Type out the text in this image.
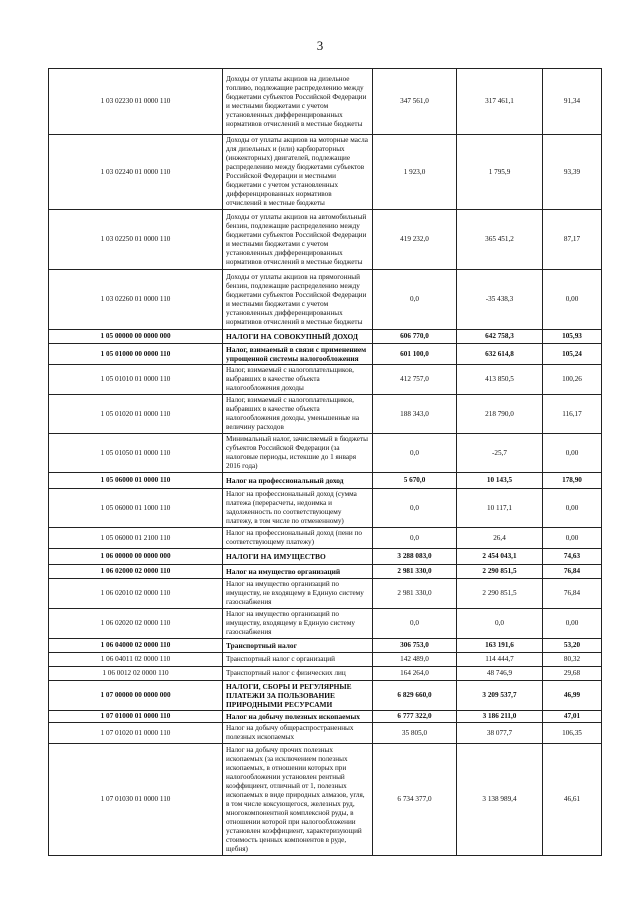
3
1 03 02230 01 0000 110	Доходы от уплаты акцизов на дизельное топливо, подлежащие распределению между бюджетами субъектов Российской Федерации и местными бюджетами с учетом установленных дифференцированных нормативов отчислений в местные бюджеты	347 561,0	317 461,1	91,34
1 03 02240 01 0000 110	Доходы от уплаты акцизов на моторные масла для дизельных и (или) карбюраторных (инжекторных) двигателей, подлежащие распределению между бюджетами субъектов Российской Федерации и местными бюджетами с учетом установленных дифференцированных нормативов отчислений в местные бюджеты	1 923,0	1 795,9	93,39
1 03 02250 01 0000 110	Доходы от уплаты акцизов на автомобильный бензин, подлежащие распределению между бюджетами субъектов Российской Федерации и местными бюджетами с учетом установленных дифференцированных нормативов отчислений в местные бюджеты	419 232,0	365 451,2	87,17
1 03 02260 01 0000 110	Доходы от уплаты акцизов на прямогонный бензин, подлежащие распределению между бюджетами субъектов Российской Федерации и местными бюджетами с учетом установленных дифференцированных нормативов отчислений в местные бюджеты	0,0	-35 438,3	0,00
1 05 00000 00 0000 000	НАЛОГИ НА СОВОКУПНЫЙ ДОХОД	606 770,0	642 758,3	105,93
1 05 01000 00 0000 110	Налог, взимаемый в связи с применением упрощенной системы налогообложения	601 100,0	632 614,8	105,24
1 05 01010 01 0000 110	Налог, взимаемый с налогоплательщиков, выбравших в качестве объекта налогообложения доходы	412 757,0	413 850,5	100,26
1 05 01020 01 0000 110	Налог, взимаемый с налогоплательщиков, выбравших в качестве объекта налогообложения доходы, уменьшенные на величину расходов	188 343,0	218 790,0	116,17
1 05 01050 01 0000 110	Минимальный налог, зачисляемый в бюджеты субъектов Российской Федерации (за налоговые периоды, истекшие до 1 января 2016 года)	0,0	-25,7	0,00
1 05 06000 01 0000 110	Налог на профессиональный доход	5 670,0	10 143,5	178,90
1 05 06000 01 1000 110	Налог на профессиональный доход (сумма платежа (перерасчеты, недоимка и задолженность по соответствующему платежу, в том числе по отмененному)	0,0	10 117,1	0,00
1 05 06000 01 2100 110	Налог на профессиональный доход (пени по соответствующему платежу)	0,0	26,4	0,00
1 06 00000 00 0000 000	НАЛОГИ НА ИМУЩЕСТВО	3 288 083,0	2 454 043,1	74,63
1 06 02000 02 0000 110	Налог на имущество организаций	2 981 330,0	2 290 851,5	76,84
1 06 02010 02 0000 110	Налог на имущество организаций по имуществу, не входящему в Единую систему газоснабжения	2 981 330,0	2 290 851,5	76,84
1 06 02020 02 0000 110	Налог на имущество организаций по имуществу, входящему в Единую систему газоснабжения	0,0	0,0	0,00
1 06 04000 02 0000 110	Транспортный налог	306 753,0	163 191,6	53,20
1 06 04011 02 0000 110	Транспортный налог с организаций	142 489,0	114 444,7	80,32
1 06 0012 02 0000 110	Транспортный налог с физических лиц	164 264,0	48 746,9	29,68
1 07 00000 00 0000 000	НАЛОГИ, СБОРЫ И РЕГУЛЯРНЫЕ ПЛАТЕЖИ ЗА ПОЛЬЗОВАНИЕ ПРИРОДНЫМИ РЕСУРСАМИ	6 829 660,0	3 209 537,7	46,99
1 07 01000 01 0000 110	Налог на добычу полезных ископаемых	6 777 322,0	3 186 211,0	47,01
1 07 01020 01 0000 110	Налог на добычу общераспространенных полезных ископаемых	35 805,0	38 077,7	106,35
1 07 01030 01 0000 110	Налог на добычу прочих полезных ископаемых (за исключением полезных ископаемых, в отношении которых при налогообложении установлен рентный коэффициент, отличный от 1, полезных ископаемых в виде природных алмазов, угля, в том числе коксующегося, железных руд, многокомпонентной комплексной руды, в отношении которой при налогообложении установлен коэффициент, характеризующий стоимость ценных компонентов в руде, щебня)	6 734 377,0	3 138 989,4	46,61
